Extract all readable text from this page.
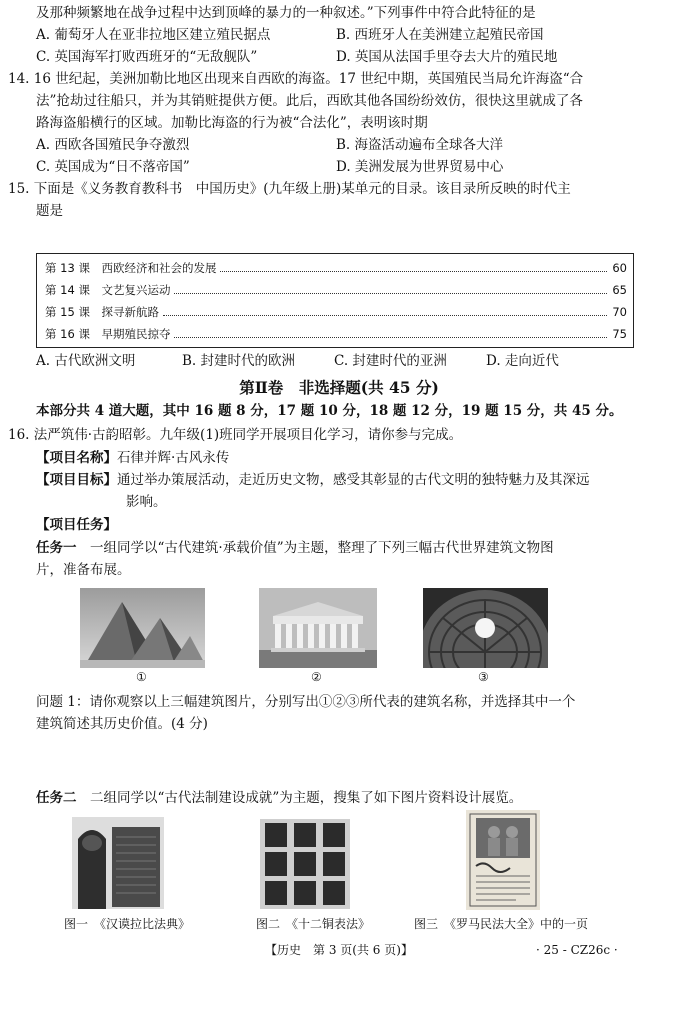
及那种频繁地在战争过程中达到顶峰的暴力的一种叙述。”下列事件中符合此特征的是
A. 葡萄牙人在亚非拉地区建立殖民据点	B. 西班牙人在美洲建立起殖民帝国
C. 英国海军打败西班牙的“无敌舰队”	D. 英国从法国手里夺去大片的殖民地
14. 16 世纪起，美洲加勒比地区出现来自西欧的海盗。17 世纪中期，英国殖民当局允许海盗“合
法”抢劫过往船只，并为其销赃提供方便。此后，西欧其他各国纷纷效仿，很快这里就成了各
路海盗船横行的区域。加勒比海盗的行为被“合法化”，表明该时期
A. 西欧各国殖民争夺激烈	B. 海盗活动遍布全球各大洋
C. 英国成为“日不落帝国”	D. 美洲发展为世界贸易中心
15. 下面是《义务教育教科书　中国历史》(九年级上册)某单元的目录。该目录所反映的时代主
题是
第 13 课　西欧经济和社会的发展	60
第 14 课　文艺复兴运动	65
第 15 课　探寻新航路	70
第 16 课　早期殖民掠夺	75
A. 古代欧洲文明	B. 封建时代的欧洲	C. 封建时代的亚洲	D. 走向近代
第Ⅱ卷　非选择题(共 45 分)
本部分共 4 道大题，其中 16 题 8 分，17 题 10 分，18 题 12 分，19 题 15 分，共 45 分。
16. 法严筑伟·古韵昭彰。九年级(1)班同学开展项目化学习，请你参与完成。
【项目名称】石律并辉·古风永传
【项目目标】通过举办策展活动，走近历史文物，感受其彰显的古代文明的独特魅力及其深远
影响。
【项目任务】
任务一　 一组同学以“古代建筑·承载价值”为主题，整理了下列三幅古代世界建筑文物图
片，准备布展。
①	②	③
问题 1：请你观察以上三幅建筑图片，分别写出①②③所代表的建筑名称，并选择其中一个
建筑简述其历史价值。(4 分)
任务二　 二组同学以“古代法制建设成就”为主题，搜集了如下图片资料设计展览。
图一　《汉谟拉比法典》	图二　《十二铜表法》	图三　《罗马民法大全》中的一页
【历史　第 3 页(共 6 页)】	· 25 - CZ26c ·
